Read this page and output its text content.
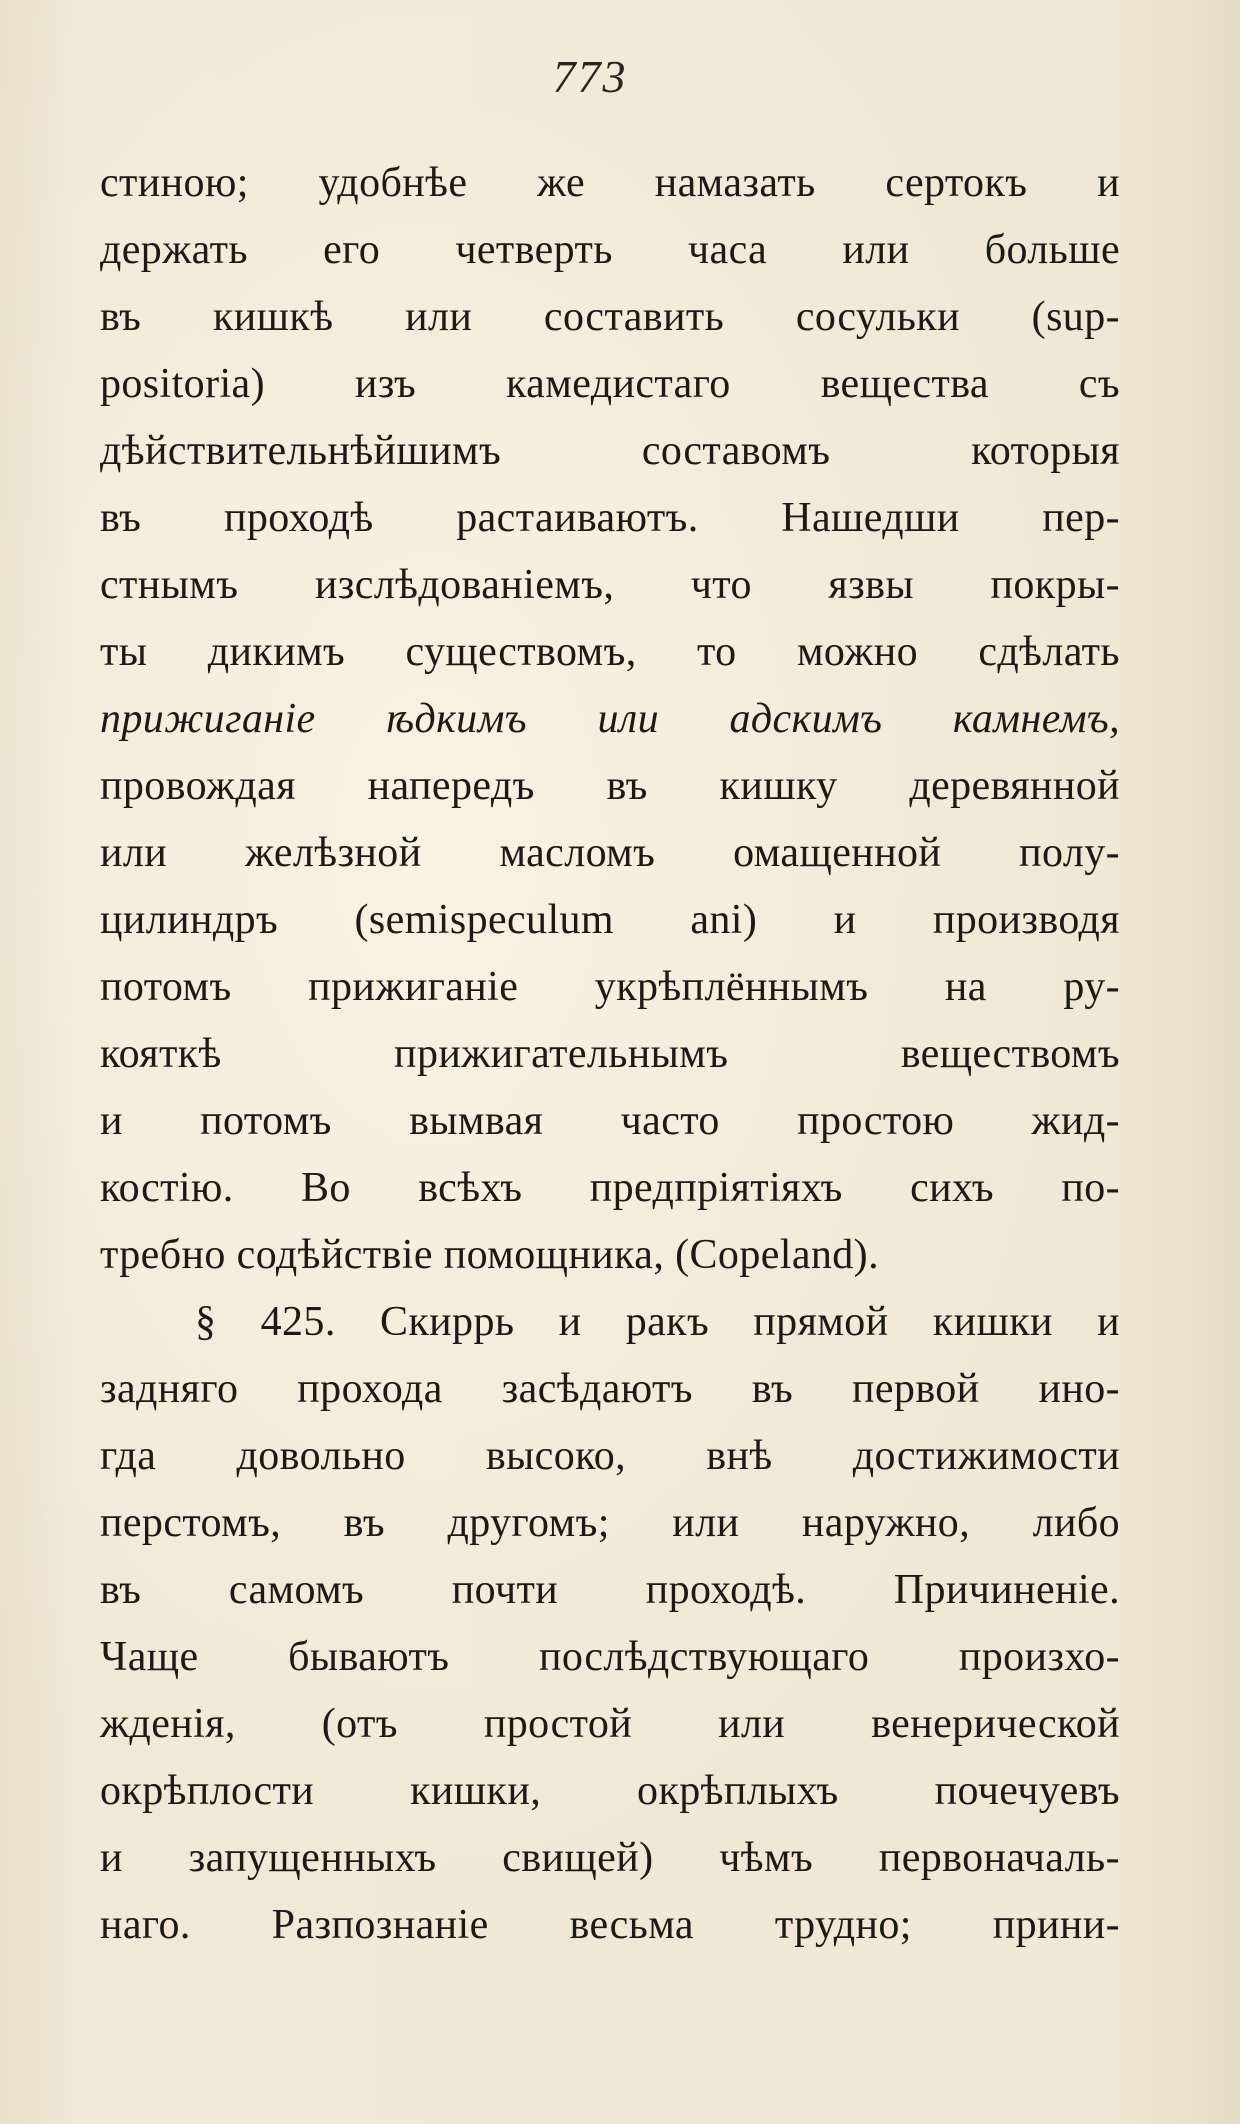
773
стиною; удобнѣе же намазать сертокъ и
держать его четверть часа или больше
въ кишкѣ или составить сосульки (sup-
positoria) изъ камедистаго вещества съ
дѣйствительнѣйшимъ составомъ которыя
въ проходѣ растаиваютъ. Нашедши пер-
стнымъ изслѣдованіемъ, что язвы покры-
ты дикимъ существомъ, то можно сдѣлать
прижиганіе ѣдкимъ или адскимъ камнемъ,
провождая напередъ въ кишку деревянной
или желѣзной масломъ омащенной полу-
цилиндръ (semispeculum ani) и производя
потомъ прижиганіе укрѣплённымъ на ру-
кояткѣ прижигательнымъ веществомъ
и потомъ вымвая часто простою жид-
костію. Во всѣхъ предпріятіяхъ сихъ по-
требно содѣйствіе помощника, (Copeland).
§ 425. Скиррь и ракъ прямой кишки и
задняго прохода засѣдаютъ въ первой ино-
гда довольно высоко, внѣ достижимости
перстомъ, въ другомъ; или наружно, либо
въ самомъ почти проходѣ. Причиненіе.
Чаще бываютъ послѣдствующаго произхо-
жденія, (отъ простой или венерической
окрѣплости кишки, окрѣплыхъ почечуевъ
и запущенныхъ свищей) чѣмъ первоначаль-
наго. Разпознаніе весьма трудно; прини-
